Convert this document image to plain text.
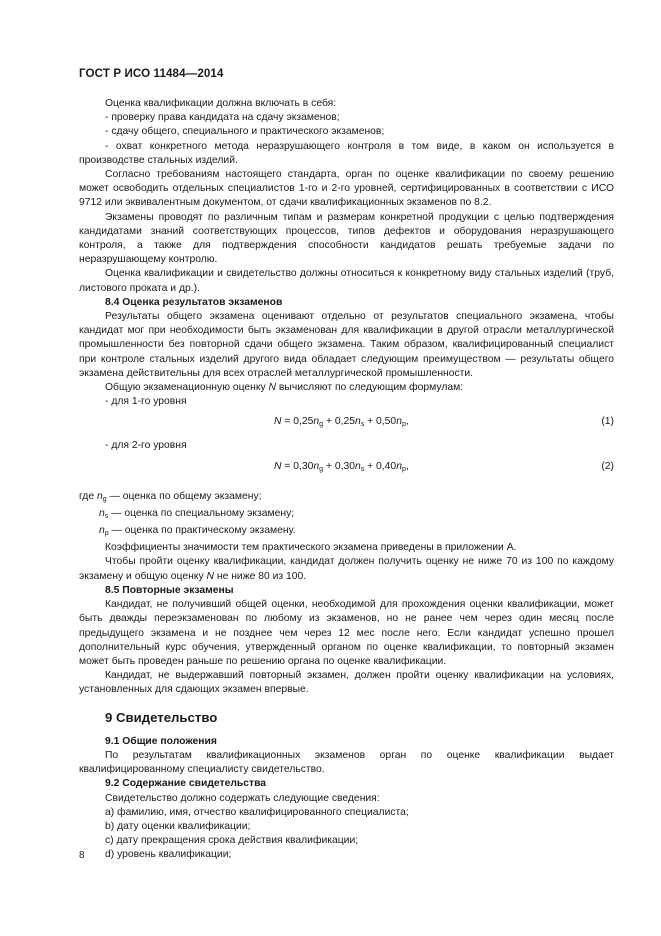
ГОСТ Р ИСО 11484—2014

Оценка квалификации должна включать в себя:

- проверку права кандидата на сдачу экзаменов;

- сдачу общего, специального и практического экзаменов;

- охват конкретного метода неразрушающего контроля в том виде, в каком он используется в производстве стальных изделий.

Согласно требованиям настоящего стандарта, орган по оценке квалификации по своему решению может освободить отдельных специалистов 1-го и 2-го уровней, сертифицированных в соответствии с ИСО 9712 или эквивалентным документом, от сдачи квалификационных экзаменов по 8.2.

Экзамены проводят по различным типам и размерам конкретной продукции с целью подтверждения кандидатами знаний соответствующих процессов, типов дефектов и оборудования неразрушающего контроля, а также для подтверждения способности кандидатов решать требуемые задачи по неразрушающему контролю.

Оценка квалификации и свидетельство должны относиться к конкретному виду стальных изделий (труб, листового проката и др.).

8.4 Оценка результатов экзаменов

Результаты общего экзамена оценивают отдельно от результатов специального экзамена, чтобы кандидат мог при необходимости быть экзаменован для квалификации в другой отрасли металлургической промышленности без повторной сдачи общего экзамена. Таким образом, квалифицированный специалист при контроле стальных изделий другого вида обладает следующим преимуществом — результаты общего экзамена действительны для всех отраслей металлургической промышленности.

Общую экзаменационную оценку N вычисляют по следующим формулам:

- для 1-го уровня

$N = 0,25n_g + 0,25n_s + 0,50n_p$,	(1)

- для 2-го уровня

$N = 0,30n_g + 0,30n_s + 0,40n_p$,	(2)

где $n_g$ — оценка по общему экзамену;

$n_s$ — оценка по специальному экзамену;

$n_p$ — оценка по практическому экзамену.

Коэффициенты значимости тем практического экзамена приведены в приложении А.

Чтобы пройти оценку квалификации, кандидат должен получить оценку не ниже 70 из 100 по каждому экзамену и общую оценку N не ниже 80 из 100.

8.5 Повторные экзамены

Кандидат, не получивший общей оценки, необходимой для прохождения оценки квалификации, может быть дважды переэкзаменован по любому из экзаменов, но не ранее чем через один месяц после предыдущего экзамена и не позднее чем через 12 мес после него. Если кандидат успешно прошел дополнительный курс обучения, утвержденный органом по оценке квалификации, то повторный экзамен может быть проведен раньше по решению органа по оценке квалификации.

Кандидат, не выдержавший повторный экзамен, должен пройти оценку квалификации на условиях, установленных для сдающих экзамен впервые.

9 Свидетельство

9.1 Общие положения

По результатам квалификационных экзаменов орган по оценке квалификации выдает квалифицированному специалисту свидетельство.

9.2 Содержание свидетельства

Свидетельство должно содержать следующие сведения:

а) фамилию, имя, отчество квалифицированного специалиста;

b) дату оценки квалификации;

c) дату прекращения срока действия квалификации;

d) уровень квалификации;

8
